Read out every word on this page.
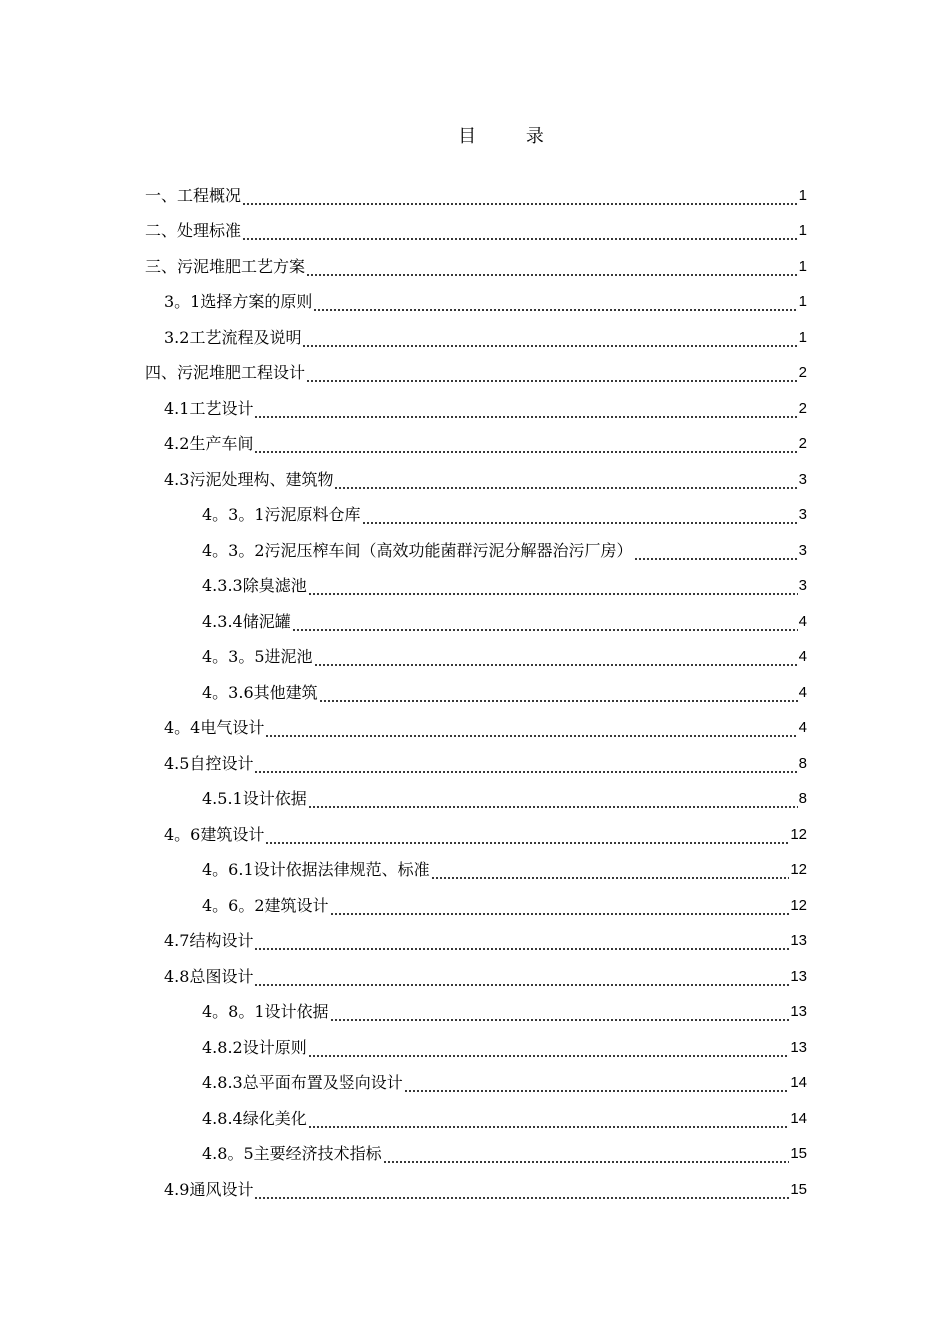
目 录
一、工程概况	1
二、处理标准	1
三、污泥堆肥工艺方案	1
3。1选择方案的原则	1
3.2工艺流程及说明	1
四、污泥堆肥工程设计	2
4.1工艺设计	2
4.2生产车间	2
4.3污泥处理构、建筑物	3
4。3。1污泥原料仓库	3
4。3。2污泥压榨车间（高效功能菌群污泥分解器治污厂房）	3
4.3.3除臭滤池	3
4.3.4储泥罐	4
4。3。5进泥池	4
4。3.6其他建筑	4
4。4电气设计	4
4.5自控设计	8
4.5.1设计依据	8
4。6建筑设计	12
4。6.1设计依据法律规范、标准	12
4。6。2建筑设计	12
4.7结构设计	13
4.8总图设计	13
4。8。1设计依据	13
4.8.2设计原则	13
4.8.3总平面布置及竖向设计	14
4.8.4绿化美化	14
4.8。5主要经济技术指标	15
4.9通风设计	15
